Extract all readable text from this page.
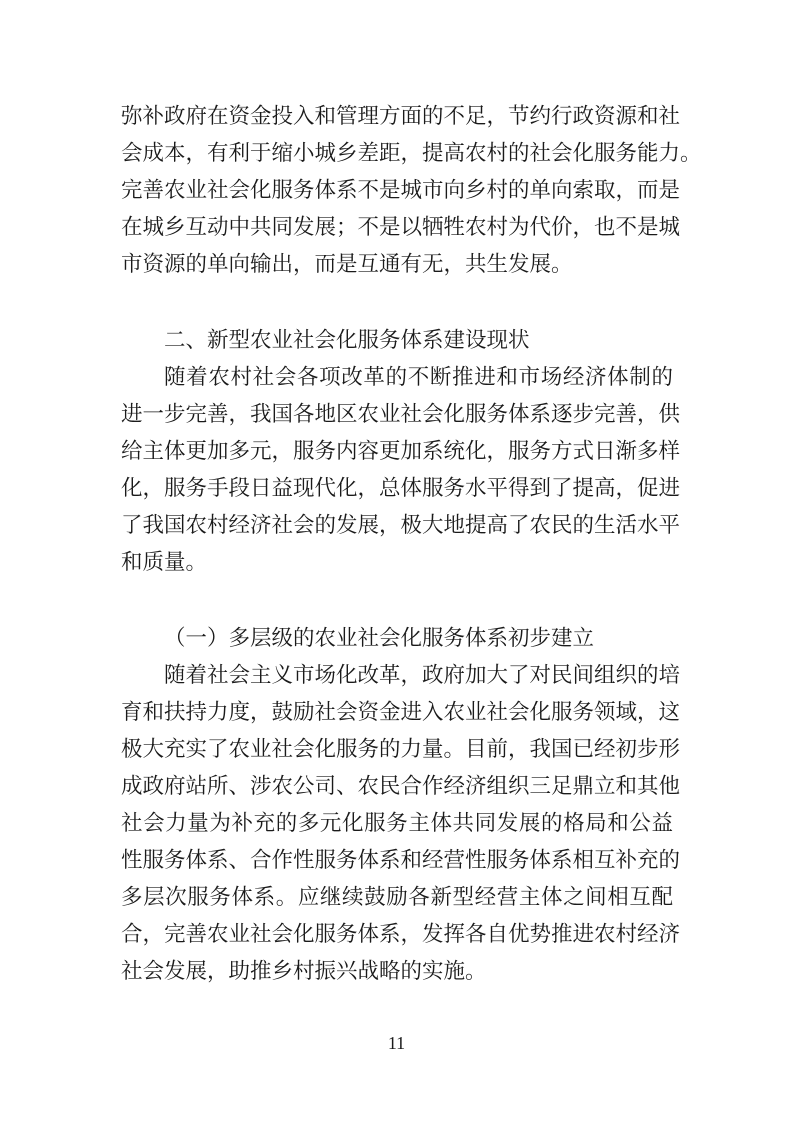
弥补政府在资金投入和管理方面的不足，节约行政资源和社
会成本，有利于缩小城乡差距，提高农村的社会化服务能力。
完善农业社会化服务体系不是城市向乡村的单向索取，而是
在城乡互动中共同发展；不是以牺牲农村为代价，也不是城
市资源的单向输出，而是互通有无，共生发展。
二、新型农业社会化服务体系建设现状
随着农村社会各项改革的不断推进和市场经济体制的
进一步完善，我国各地区农业社会化服务体系逐步完善，供
给主体更加多元，服务内容更加系统化，服务方式日渐多样
化，服务手段日益现代化，总体服务水平得到了提高，促进
了我国农村经济社会的发展，极大地提高了农民的生活水平
和质量。
（一）多层级的农业社会化服务体系初步建立
随着社会主义市场化改革，政府加大了对民间组织的培
育和扶持力度，鼓励社会资金进入农业社会化服务领域，这
极大充实了农业社会化服务的力量。目前，我国已经初步形
成政府站所、涉农公司、农民合作经济组织三足鼎立和其他
社会力量为补充的多元化服务主体共同发展的格局和公益
性服务体系、合作性服务体系和经营性服务体系相互补充的
多层次服务体系。应继续鼓励各新型经营主体之间相互配
合，完善农业社会化服务体系，发挥各自优势推进农村经济
社会发展，助推乡村振兴战略的实施。
11
